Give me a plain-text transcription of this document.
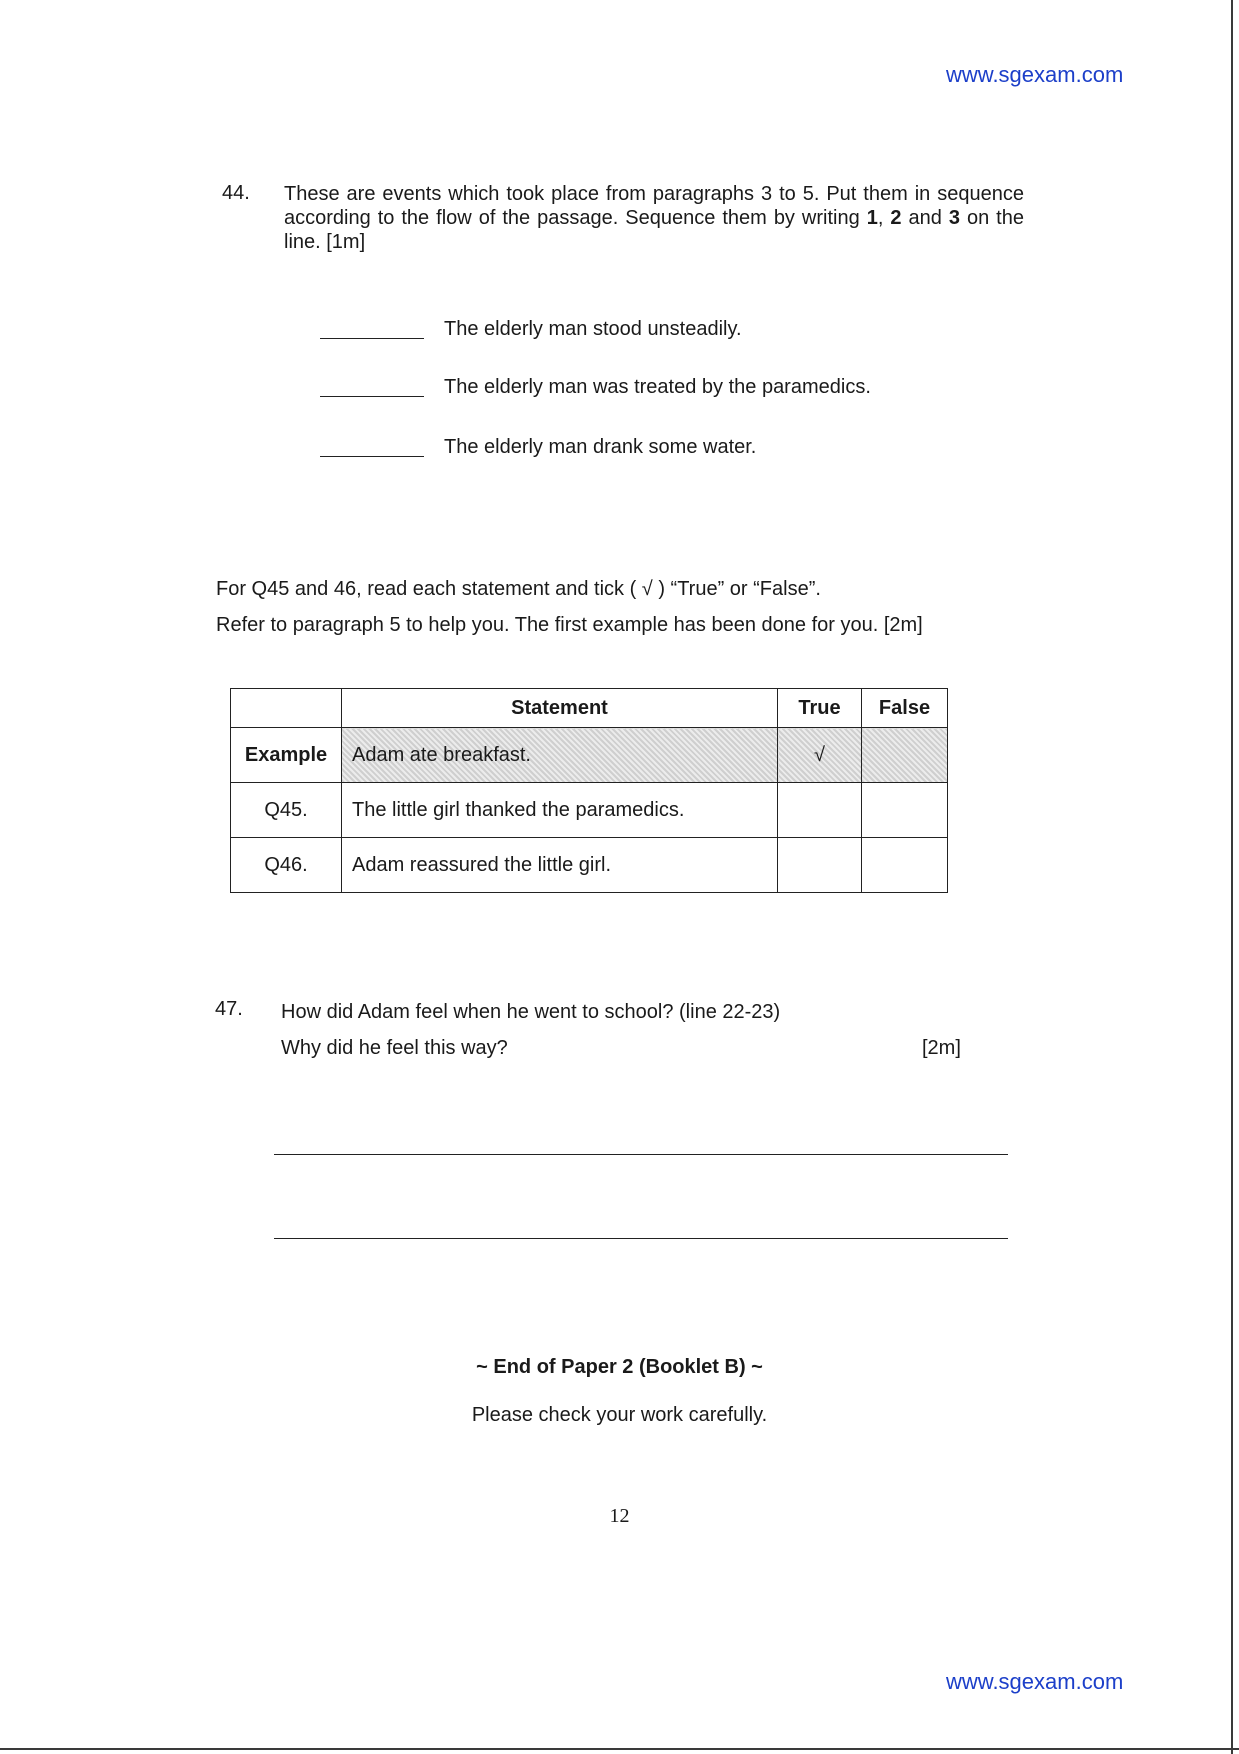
www.sgexam.com
44. These are events which took place from paragraphs 3 to 5. Put them in sequence according to the flow of the passage. Sequence them by writing 1, 2 and 3 on the line. [1m]
The elderly man stood unsteadily.
The elderly man was treated by the paramedics.
The elderly man drank some water.
For Q45 and 46, read each statement and tick ( √ ) “True” or “False”.
Refer to paragraph 5 to help you. The first example has been done for you. [2m]
	Statement	True	False
Example	Adam ate breakfast.	√	
Q45.	The little girl thanked the paramedics.		
Q46.	Adam reassured the little girl.		
47. How did Adam feel when he went to school? (line 22-23)
Why did he feel this way?	[2m]
~ End of Paper 2 (Booklet B) ~
Please check your work carefully.
12
www.sgexam.com
